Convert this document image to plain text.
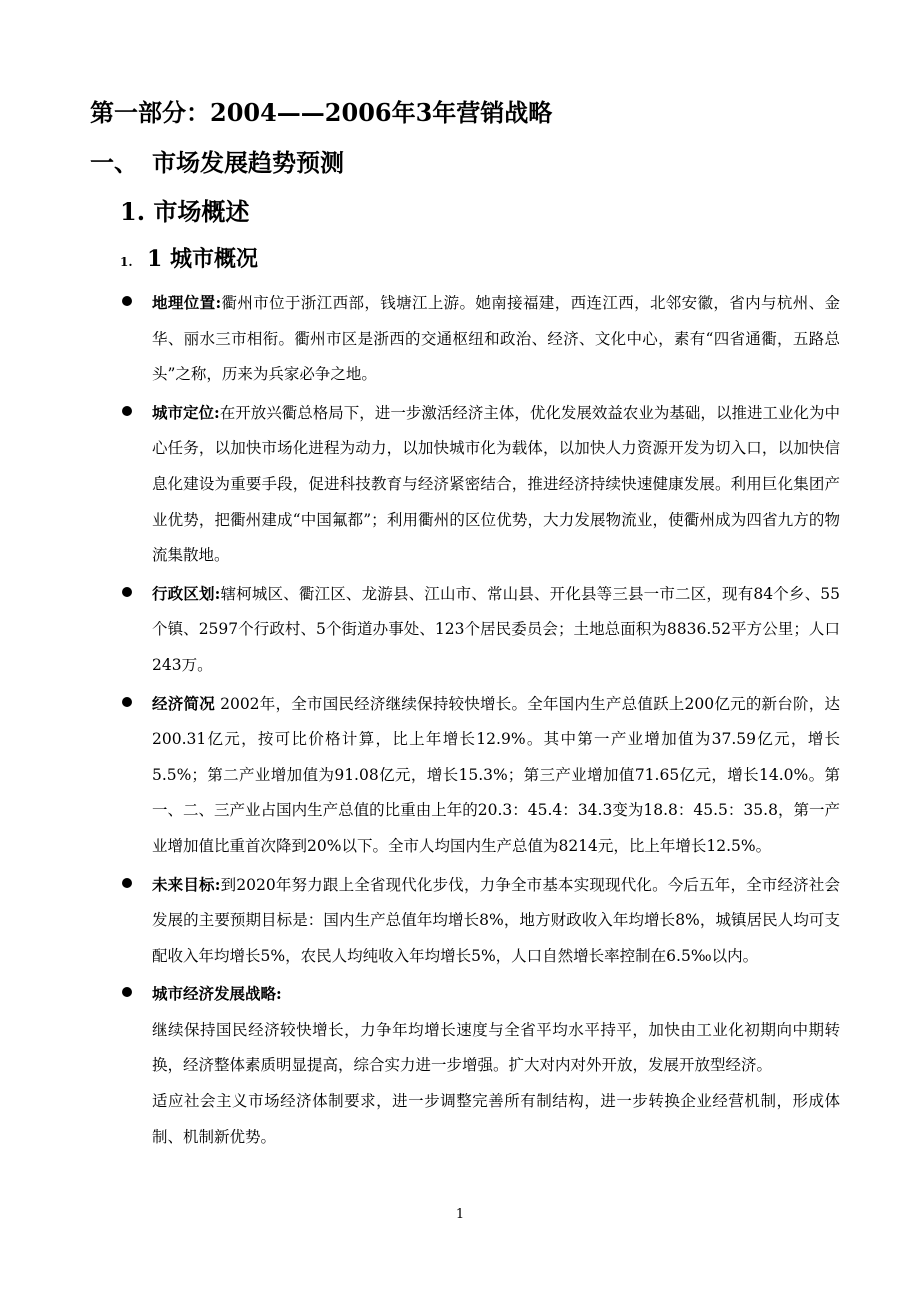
第一部分：2004——2006年3年营销战略
一、 市场发展趋势预测
1. 市场概述
1. 1 城市概况

地理位置:衢州市位于浙江西部，钱塘江上游。她南接福建，西连江西，北邻安徽，省内与杭州、金华、丽水三市相衔。衢州市区是浙西的交通枢纽和政治、经济、文化中心，素有“四省通衢，五路总头”之称，历来为兵家必争之地。

城市定位:在开放兴衢总格局下，进一步激活经济主体，优化发展效益农业为基础，以推进工业化为中心任务，以加快市场化进程为动力，以加快城市化为载体，以加快人力资源开发为切入口，以加快信息化建设为重要手段，促进科技教育与经济紧密结合，推进经济持续快速健康发展。利用巨化集团产业优势，把衢州建成“中国氟都”；利用衢州的区位优势，大力发展物流业，使衢州成为四省九方的物流集散地。

行政区划:辖柯城区、衢江区、龙游县、江山市、常山县、开化县等三县一市二区，现有84个乡、55个镇、2597个行政村、5个街道办事处、123个居民委员会；土地总面积为8836.52平方公里；人口243万。

经济简况 2002年，全市国民经济继续保持较快增长。全年国内生产总值跃上200亿元的新台阶，达200.31亿元，按可比价格计算，比上年增长12.9%。其中第一产业增加值为37.59亿元，增长5.5%；第二产业增加值为91.08亿元，增长15.3%；第三产业增加值71.65亿元，增长14.0%。第一、二、三产业占国内生产总值的比重由上年的20.3：45.4：34.3变为18.8：45.5：35.8，第一产业增加值比重首次降到20%以下。全市人均国内生产总值为8214元，比上年增长12.5%。

未来目标:到2020年努力跟上全省现代化步伐，力争全市基本实现现代化。今后五年，全市经济社会发展的主要预期目标是：国内生产总值年均增长8%，地方财政收入年均增长8%，城镇居民人均可支配收入年均增长5%，农民人均纯收入年均增长5%，人口自然增长率控制在6.5‰以内。

城市经济发展战略:

继续保持国民经济较快增长，力争年均增长速度与全省平均水平持平，加快由工业化初期向中期转换，经济整体素质明显提高，综合实力进一步增强。扩大对内对外开放，发展开放型经济。

适应社会主义市场经济体制要求，进一步调整完善所有制结构，进一步转换企业经营机制，形成体制、机制新优势。

1
